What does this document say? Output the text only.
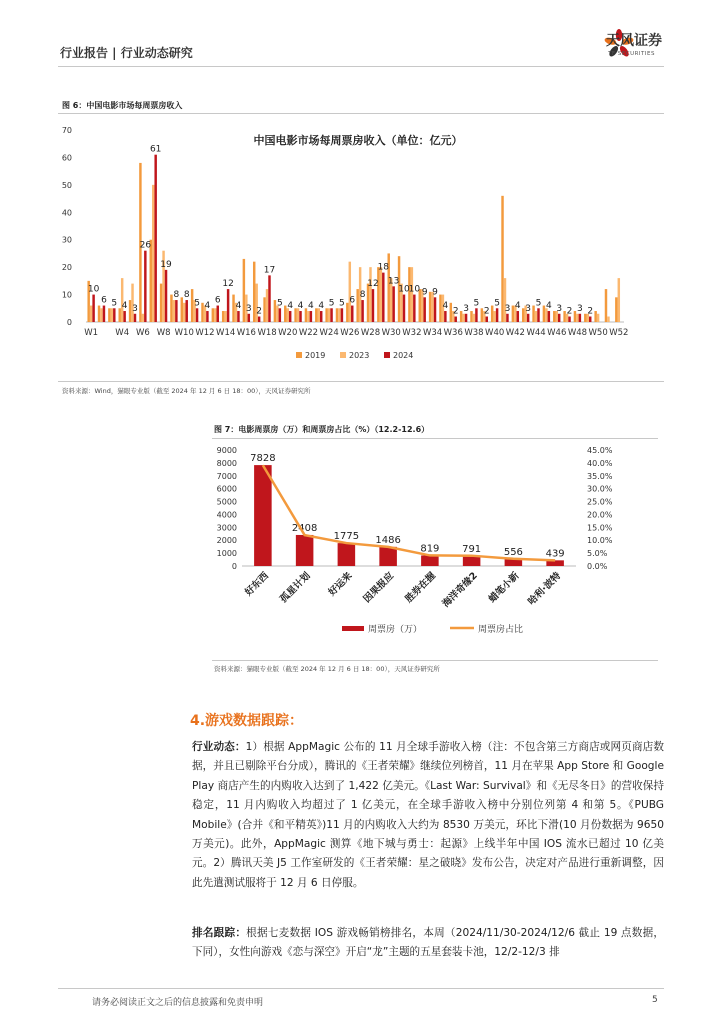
行业报告 | 行业动态研究
天风证券
TF SECURITIES
图 6：中国电影市场每周票房收入
中国电影市场每周票房收入（单位：亿元）
0
10
20
30
40
50
60
70
10
6 5 4 3
26
61
19
8 8
5 4
6
12
4 3 2
17
5 4 4 4 4 5 5 6
8
12
18
13
10
10 9 9
4
2 3
5
2
5
3 4 3
5 4 3 2 3 2
W1 W4 W6 W8 W10 W12 W14 W16 W18 W20 W22 W24 W26 W28 W30 W32 W34 W36 W38 W40 W42 W44 W46 W48 W50 W52
2019	2023	2024
资料来源：Wind，猫眼专业版（截至 2024 年 12 月 6 日 18：00），天风证券研究所
图 7：电影周票房（万）和周票房占比（%）（12.2-12.6）
0
1000
2000
3000
4000
5000
6000
7000
8000
9000
0.0%
5.0%
10.0%
15.0%
20.0%
25.0%
30.0%
35.0%
40.0%
45.0%
7828
2408
1775 1486
819 791 556 439
好东西 孤星计划 好运来 因果报应 胜券在握 海洋奇缘2 蜡笔小新 哈利·波特
周票房（万）	周票房占比
资料来源：猫眼专业版（截至 2024 年 12 月 6 日 18：00），天风证券研究所
4.游戏数据跟踪：
行业动态：1）根据 AppMagic 公布的 11 月全球手游收入榜（注：不包含第三方商店或网页商店数据，并且已剔除平台分成），腾讯的《王者荣耀》继续位列榜首，11 月在苹果 App Store 和 Google Play 商店产生的内购收入达到了 1,422 亿美元。《Last War: Survival》和《无尽冬日》的营收保持稳定，11 月内购收入均超过了 1 亿美元，在全球手游收入榜中分别位列第 4 和第 5。《PUBG Mobile》(合并《和平精英》)11 月的内购收入大约为 8530 万美元，环比下滑(10 月份数据为 9650 万美元)。此外，AppMagic 测算《地下城与勇士：起源》上线半年中国 IOS 流水已超过 10 亿美元。2）腾讯天美 J5 工作室研发的《王者荣耀：星之破晓》发布公告，决定对产品进行重新调整，因此先遣测试服将于 12 月 6 日停服。
排名跟踪：根据七麦数据 IOS 游戏畅销榜排名，本周（2024/11/30-2024/12/6 截止 19 点数据，下同），女性向游戏《恋与深空》开启“龙”主题的五星套装卡池，12/2-12/3 排
请务必阅读正文之后的信息披露和免责申明	5
